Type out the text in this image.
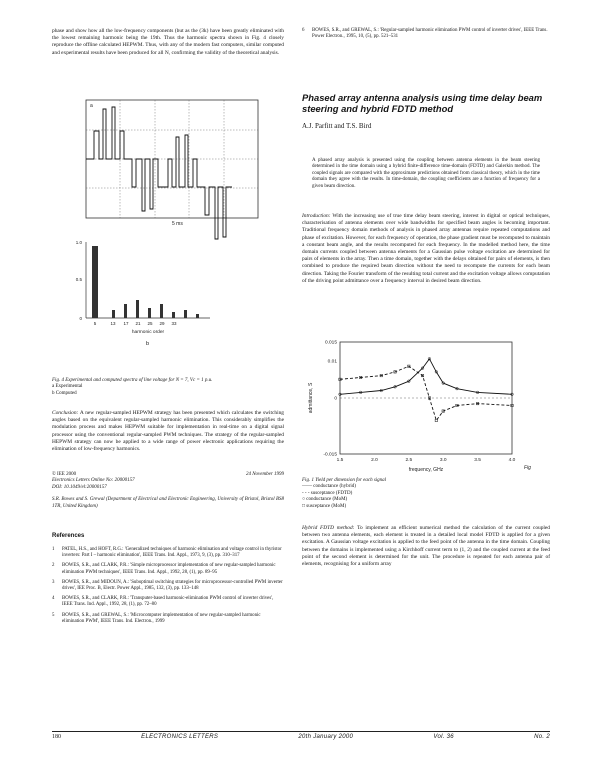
phase and show how all the low-frequency components (but as the (3k) have been greatly eliminated with the lowest remaining harmonic being the 19th. Thus the harmonic spectra shown in Fig. 4 closely reproduce the offline calculated HEPWM. Thus, with any of the modern fast computers, similar computed and experimental results have been produced for all N, confirming the validity of the theoretical analysis.

a
5 ms
1.0
0.5
0
5	13 17 21 25 29 33
harmonic order
b

Fig. 4 Experimental and computed spectra of line voltage for N = 7, Vc = 1 p.u.

a Experimental

b Computed

Conclusion: A new regular-sampled HEPWM strategy has been presented which calculates the switching angles based on the equivalent regular-sampled harmonic elimination. This considerably simplifies the modulation process and makes HEPWM suitable for implementation in real-time on a digital signal processor using the conventional regular-sampled PWM techniques. The strategy of the regular-sampled HEPWM strategy can now be applied to a wide range of power electronic applications requiring the elimination of low-frequency harmonics.

© IEE 2000	24 November 1999
Electronics Letters Online No: 20000157
DOI: 10.1049/el:20000157
S.R. Bowes and S. Grewal (Department of Electrical and Electronic Engineering, University of Bristol, Bristol BS8 1TR, United Kingdom)
References
1	PATEL, H.S., and HOFT, R.G.: 'Generalized techniques of harmonic elimination and voltage control in thyristor inverters: Part I – harmonic elimination', IEEE Trans. Ind. Appl., 1973, 9, (3), pp. 310–317
2	BOWES, S.R., and CLARK, P.R.: 'Simple microprocessor implementation of new regular-sampled harmonic elimination PWM techniques', IEEE Trans. Ind. Appl., 1992, 28, (1), pp. 89–95
3	BOWES, S.R., and MIDOUN, A.: 'Suboptimal switching strategies for microprocessor-controlled PWM inverter drives', IEE Proc. B, Electr. Power Appl., 1985, 132, (3), pp. 133–148
4	BOWES, S.R., and CLARK, P.R.: 'Transputer-based harmonic-elimination PWM control of inverter drives', IEEE Trans. Ind. Appl., 1992, 28, (1), pp. 72–80
5	BOWES, S.R., and GREWAL, S.: 'Microcomputer implementation of new regular-sampled harmonic elimination PWM', IEEE Trans. Ind. Electron., 1999
6	BOWES, S.R., and GREWAL, S.: 'Regular-sampled harmonic elimination PWM control of inverter drives', IEEE Trans. Power Electron., 1995, 10, (5), pp. 521–531
Phased array antenna analysis using time delay beam steering and hybrid FDTD method
A.J. Parfitt and T.S. Bird

A phased array analysis is presented using the coupling between antenna elements in the beam steering determined in the time domain using a hybrid finite-difference time-domain (FDTD) and Galerkin method. The coupled signals are compared with the approximate predictions obtained from classical theory, which in the time domain they agree with the results. In time-domain, the coupling coefficients are a function of frequency for a given beam direction.

Introduction: With the increasing use of true time delay beam steering, interest in digital or optical techniques, characterisation of antenna elements over wide bandwidths for specified beam angles is becoming important. Traditional frequency domain methods of analysis in phased array antennas require repeated computations and phase of excitation. However, for each frequency of operation, the phase gradient must be recomputed to maintain a constant beam angle, and the results recomputed for each frequency. In the modelled method here, the time domain currents coupled between antenna elements for a Gaussian pulse voltage excitation are determined for pairs of elements in the array. Then a time domain, together with the delays obtained for pairs of elements, is then combined to produce the required beam direction without the need to recompute the currents for each beam direction. Taking the Fourier transform of the resulting total current and the excitation voltage allows computation of the driving point admittance over a frequency interval in desired beam direction.

1.5	2.0	2.5	3.0	3.5	4.0
0.015
0.01
0
-0.015
frequency, GHz
admittance, S
Fig

Fig. 1 Yield per dimension for each signal

—— conductance (hybrid)
- - - susceptance (FDTD)
○ conductance (MoM)
□ susceptance (MoM)

Hybrid FDTD method: To implement an efficient numerical method the calculation of the current coupled between two antenna elements, each element is treated in a detailed local model FDTD is applied for a given excitation. A Gaussian voltage excitation is applied to the feed point of the antenna in the time domain. Coupling between the domains is implemented using a Kirchhoff current term to (1, 2) and the coupled current at the feed point of the second element is determined for the unit. The procedure is repeated for each antenna pair of elements, recognising for a uniform array

180	ELECTRONICS LETTERS	20th January 2000	Vol. 36	No. 2
